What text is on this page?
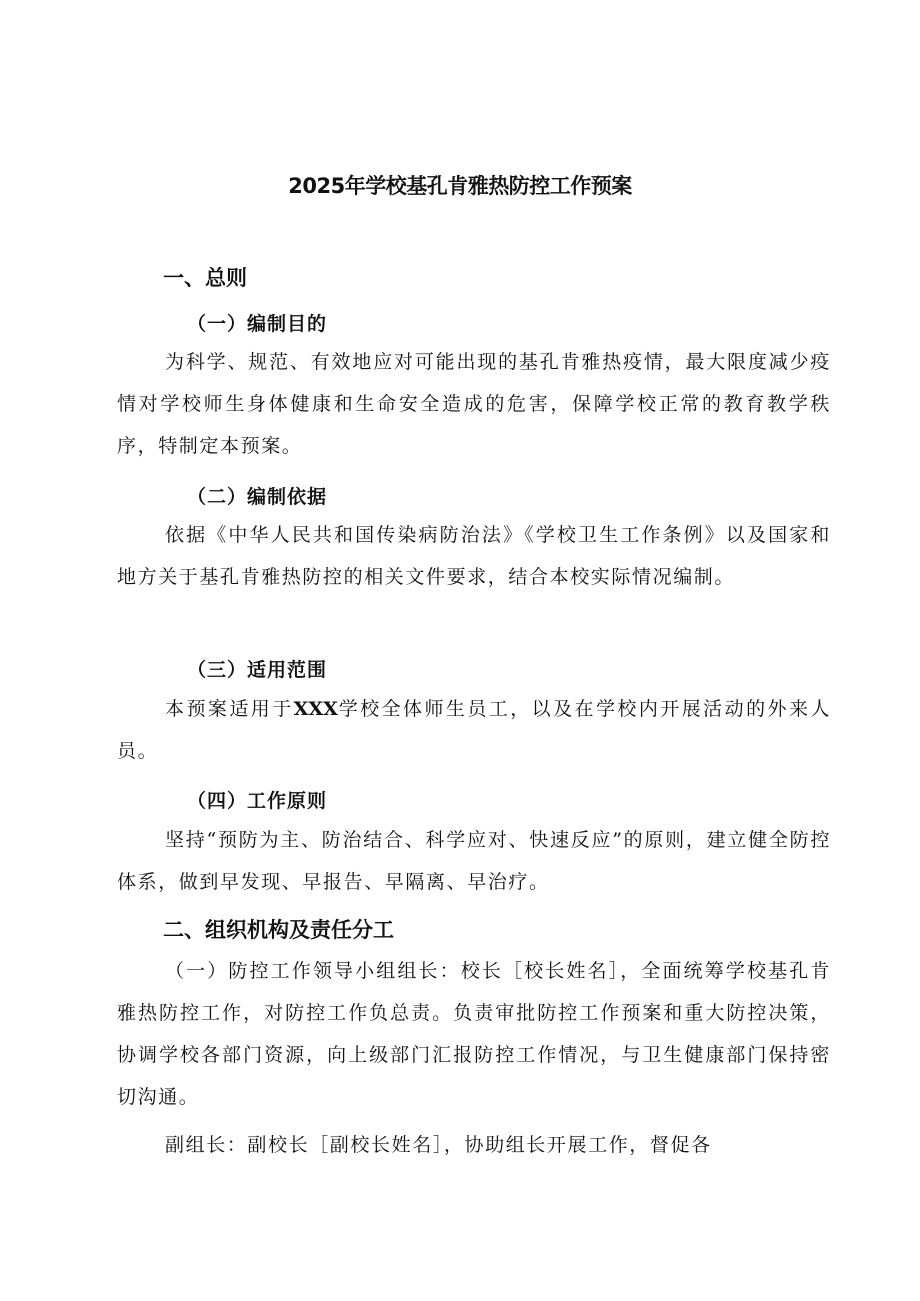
2025年学校基孔肯雅热防控工作预案
一、总则
（一）编制目的

为科学、规范、有效地应对可能出现的基孔肯雅热疫情，最大限度减少疫情对学校师生身体健康和生命安全造成的危害，保障学校正常的教育教学秩序，特制定本预案。

（二）编制依据

依据《中华人民共和国传染病防治法》《学校卫生工作条例》以及国家和地方关于基孔肯雅热防控的相关文件要求，结合本校实际情况编制。

（三）适用范围

本预案适用于XXX学校全体师生员工，以及在学校内开展活动的外来人员。

（四）工作原则

坚持“预防为主、防治结合、科学应对、快速反应”的原则，建立健全防控体系，做到早发现、早报告、早隔离、早治疗。

二、组织机构及责任分工

（一）防控工作领导小组组长：校长［校长姓名］，全面统筹学校基孔肯雅热防控工作，对防控工作负总责。负责审批防控工作预案和重大防控决策，协调学校各部门资源，向上级部门汇报防控工作情况，与卫生健康部门保持密切沟通。

副组长：副校长［副校长姓名］，协助组长开展工作，督促各
